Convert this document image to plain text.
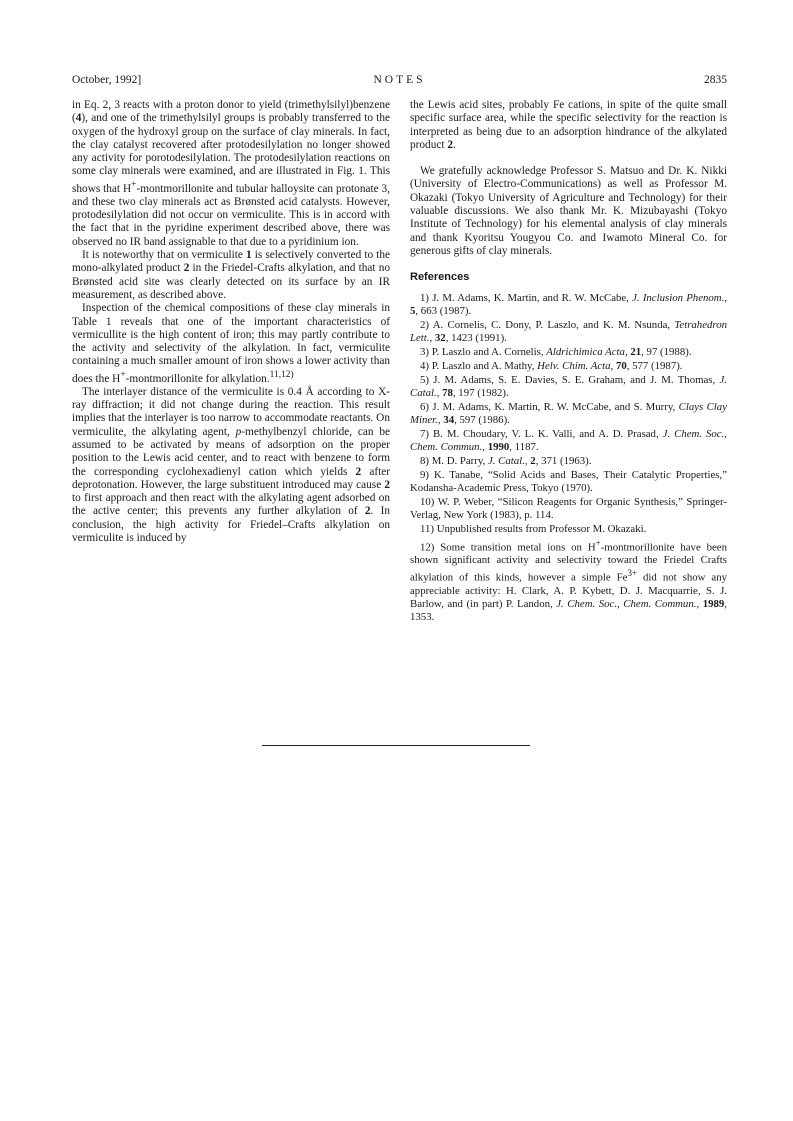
October, 1992]	NOTES	2835

in Eq. 2, 3 reacts with a proton donor to yield (trimethylsilyl)benzene (4), and one of the trimethylsilyl groups is probably transferred to the oxygen of the hydroxyl group on the surface of clay minerals. In fact, the clay catalyst recovered after protodesilylation no longer showed any activity for porotodesilylation. The protodesilylation reactions on some clay minerals were examined, and are illustrated in Fig. 1. This shows that H+-montmorillonite and tubular halloysite can protonate 3, and these two clay minerals act as Brønsted acid catalysts. However, protodesilylation did not occur on vermiculite. This is in accord with the fact that in the pyridine experiment described above, there was observed no IR band assignable to that due to a pyridinium ion.

It is noteworthy that on vermiculite 1 is selectively converted to the mono-alkylated product 2 in the Friedel-Crafts alkylation, and that no Brønsted acid site was clearly detected on its surface by an IR measurement, as described above.

Inspection of the chemical compositions of these clay minerals in Table 1 reveals that one of the important characteristics of vermicullite is the high content of iron; this may partly contribute to the activity and selectivity of the alkylation. In fact, vermiculite containing a much smaller amount of iron shows a lower activity than does the H+-montmorillonite for alkylation.$^{11,12)}$

The interlayer distance of the vermiculite is 0.4 Å according to X-ray diffraction; it did not change during the reaction. This result implies that the interlayer is too narrow to accommodate reactants. On vermiculite, the alkylating agent, p-methylbenzyl chloride, can be assumed to be activated by means of adsorption on the proper position to the Lewis acid center, and to react with benzene to form the corresponding cyclohexadienyl cation which yields 2 after deprotonation. However, the large substituent introduced may cause 2 to first approach and then react with the alkylating agent adsorbed on the active center; this prevents any further alkylation of 2. In conclusion, the high activity for Friedel–Crafts alkylation on vermiculite is induced by

the Lewis acid sites, probably Fe cations, in spite of the quite small specific surface area, while the specific selectivity for the reaction is interpreted as being due to an adsorption hindrance of the alkylated product 2.

We gratefully acknowledge Professor S. Matsuo and Dr. K. Nikki (University of Electro-Communications) as well as Professor M. Okazaki (Tokyo University of Agriculture and Technology) for their valuable discussions. We also thank Mr. K. Mizubayashi (Tokyo Institute of Technology) for his elemental analysis of clay minerals and thank Kyoritsu Yougyou Co. and Iwamoto Mineral Co. for generous gifts of clay minerals.

References
1) J. M. Adams, K. Martin, and R. W. McCabe, J. Inclusion Phenom., 5, 663 (1987).
2) A. Cornelis, C. Dony, P. Laszlo, and K. M. Nsunda, Tetrahedron Lett., 32, 1423 (1991).
3) P. Laszlo and A. Cornelis, Aldrichimica Acta, 21, 97 (1988).
4) P. Laszlo and A. Mathy, Helv. Chim. Acta, 70, 577 (1987).
5) J. M. Adams, S. E. Davies, S. E. Graham, and J. M. Thomas, J. Catal., 78, 197 (1982).
6) J. M. Adams, K. Martin, R. W. McCabe, and S. Murry, Clays Clay Miner., 34, 597 (1986).
7) B. M. Choudary, V. L. K. Valli, and A. D. Prasad, J. Chem. Soc., Chem. Commun., 1990, 1187.
8) M. D. Parry, J. Catal., 2, 371 (1963).
9) K. Tanabe, “Solid Acids and Bases, Their Catalytic Properties,” Kodansha-Academic Press, Tokyo (1970).
10) W. P. Weber, “Silicon Reagents for Organic Synthesis,” Springer-Verlag, New York (1983), p. 114.
11) Unpublished results from Professor M. Okazaki.
12) Some transition metal ions on H+-montmorillonite have been shown significant activity and selectivity toward the Friedel Crafts alkylation of this kinds, however a simple $Fe^{3+}$ did not show any appreciable activity: H. Clark, A. P. Kybett, D. J. Macquarrie, S. J. Barlow, and (in part) P. Landon, J. Chem. Soc., Chem. Commun., 1989, 1353.
